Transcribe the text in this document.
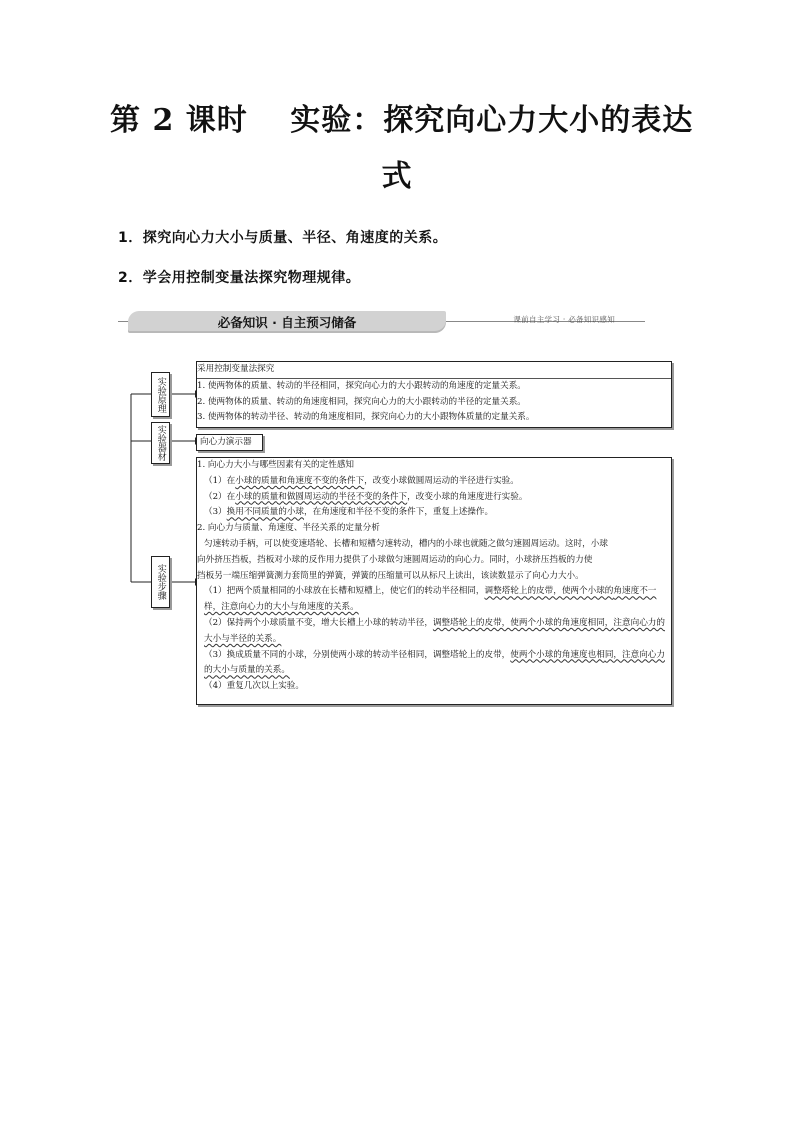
第 2 课时　 实验：探究向心力大小的表达
式
1．探究向心力大小与质量、半径、角速度的关系。
2．学会用控制变量法探究物理规律。
必备知识 · 自主预习储备	课前自主学习 · 必备知识感知
实验原理
实验器材
实验步骤
采用控制变量法探究
1. 使两物体的质量、转动的半径相同，探究向心力的大小跟转动的角速度的定量关系。
2. 使两物体的质量、转动的角速度相同，探究向心力的大小跟转动的半径的定量关系。
3. 使两物体的转动半径、转动的角速度相同，探究向心力的大小跟物体质量的定量关系。
向心力演示器
1. 向心力大小与哪些因素有关的定性感知
（1）在小球的质量和角速度不变的条件下，改变小球做圆周运动的半径进行实验。
（2）在小球的质量和做圆周运动的半径不变的条件下，改变小球的角速度进行实验。
（3）换用不同质量的小球，在角速度和半径不变的条件下，重复上述操作。
2. 向心力与质量、角速度、半径关系的定量分析
匀速转动手柄，可以使变速塔轮、长槽和短槽匀速转动，槽内的小球也就随之做匀速圆周运动。这时，小球
向外挤压挡板，挡板对小球的反作用力提供了小球做匀速圆周运动的向心力。同时，小球挤压挡板的力使
挡板另一端压缩弹簧测力套筒里的弹簧，弹簧的压缩量可以从标尺上读出，该读数显示了向心力大小。
（1）把两个质量相同的小球放在长槽和短槽上，使它们的转动半径相同，调整塔轮上的皮带，使两个小球的角速度不一样，注意向心力的大小与角速度的关系。
（2）保持两个小球质量不变，增大长槽上小球的转动半径，调整塔轮上的皮带，使两个小球的角速度相同，注意向心力的大小与半径的关系。
（3）换成质量不同的小球，分别使两小球的转动半径相同，调整塔轮上的皮带，使两个小球的角速度也相同，注意向心力的大小与质量的关系。
（4）重复几次以上实验。
